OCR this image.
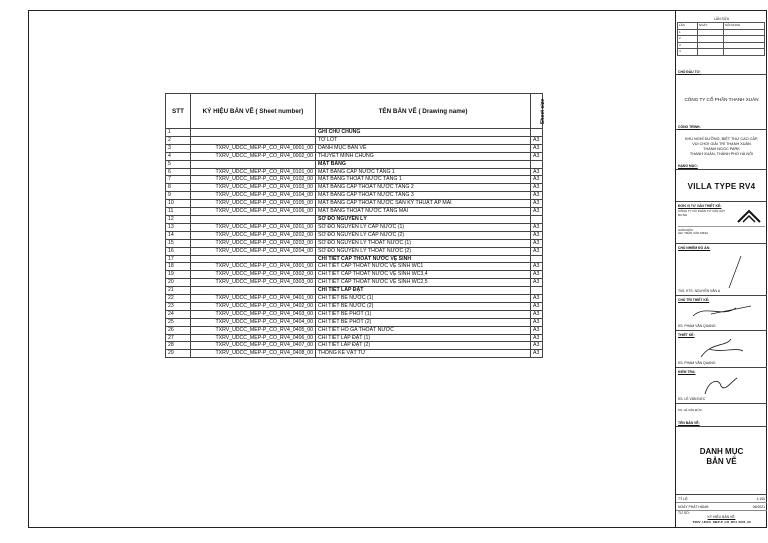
STT	KÝ HIỆU BẢN VẼ ( Sheet number)	TÊN BẢN VẼ ( Drawing name)	Sheet size
1		GHI CHÚ CHUNG	
2		TỜ LÓT	A3
3	TXRV_UDCC_MEP-P_CO_RV4_0001_00	DANH MỤC BẢN VẼ	A3
4	TXRV_UDCC_MEP-P_CO_RV4_0002_00	THUYẾT MINH CHUNG	A3
5		MẶT BẰNG	
6	TXRV_UDCC_MEP-P_CO_RV4_0101_00	MẶT BẰNG CẤP NƯỚC TẦNG 1	A3
7	TXRV_UDCC_MEP-P_CO_RV4_0102_00	MẶT BẰNG THOÁT NƯỚC TẦNG 1	A3
8	TXRV_UDCC_MEP-P_CO_RV4_0103_00	MẶT BẰNG CẤP THOÁT NƯỚC TẦNG 2	A3
9	TXRV_UDCC_MEP-P_CO_RV4_0104_00	MẶT BẰNG CẤP THOÁT NƯỚC TẦNG 3	A3
10	TXRV_UDCC_MEP-P_CO_RV4_0105_00	MẶT BẰNG CẤP THOÁT NƯỚC SÂN KỸ THUẬT ÁP MÁI	A3
11	TXRV_UDCC_MEP-P_CO_RV4_0106_00	MẶT BẰNG THOÁT NƯỚC TẦNG MÁI	A3
12		SƠ ĐỒ NGUYÊN LÝ	
13	TXRV_UDCC_MEP-P_CO_RV4_0201_00	SƠ ĐỒ NGUYÊN LÝ CẤP NƯỚC (1)	A3
14	TXRV_UDCC_MEP-P_CO_RV4_0202_00	SƠ ĐỒ NGUYÊN LÝ CẤP NƯỚC (2)	A3
15	TXRV_UDCC_MEP-P_CO_RV4_0203_00	SƠ ĐỒ NGUYÊN LÝ THOÁT NƯỚC (1)	A3
16	TXRV_UDCC_MEP-P_CO_RV4_0204_00	SƠ ĐỒ NGUYÊN LÝ THOÁT NƯỚC (2)	A3
17		CHI TIẾT CẤP THOÁT NƯỚC VỆ SINH	
18	TXRV_UDCC_MEP-P_CO_RV4_0301_00	CHI TIẾT CẤP THOÁT NƯỚC VỆ SINH WC1	A3
19	TXRV_UDCC_MEP-P_CO_RV4_0302_00	CHI TIẾT CẤP THOÁT NƯỚC VỆ SINH WC3,4	A3
20	TXRV_UDCC_MEP-P_CO_RV4_0303_00	CHI TIẾT CẤP THOÁT NƯỚC VỆ SINH WC2,5	A3
21		CHI TIẾT LẮP ĐẶT	
22	TXRV_UDCC_MEP-P_CO_RV4_0401_00	CHI TIẾT BỂ NƯỚC (1)	A3
23	TXRV_UDCC_MEP-P_CO_RV4_0402_00	CHI TIẾT BỂ NƯỚC (2)	A3
24	TXRV_UDCC_MEP-P_CO_RV4_0403_00	CHI TIẾT BỂ PHỐT (1)	A3
25	TXRV_UDCC_MEP-P_CO_RV4_0404_00	CHI TIẾT BỂ PHỐT (2)	A3
26	TXRV_UDCC_MEP-P_CO_RV4_0405_00	CHI TIẾT HỐ GA THOÁT NƯỚC	A3
27	TXRV_UDCC_MEP-P_CO_RV4_0406_00	CHI TIẾT LẮP ĐẶT (1)	A3
28	TXRV_UDCC_MEP-P_CO_RV4_0407_00	CHI TIẾT LẮP ĐẶT (2)	A3
29	TXRV_UDCC_MEP-P_CO_RV4_0408_00	THỐNG KÊ VẬT TƯ	A3
LẦN SỬA
LẦN	NGÀY	NỘI DUNG
1		
2		
3		
4		
CHỦ ĐẦU TƯ:
CÔNG TY CỔ PHẦN THANH XUÂN
CÔNG TRÌNH:
KHU NGHỈ DƯỠNG, BIỆT THỰ CAO CẤP,
VUI CHƠI GIẢI TRÍ THANH XUÂN
THANH NGỌC PARK
THANH XUÂN, THÀNH PHỐ HÀ NỘI
HẠNG MỤC:
VILLA TYPE RV4
ĐƠN VỊ TƯ VẤN THIẾT KẾ:
CÔNG TY CỔ PHẦN TƯ VẤN XÂY DỰNG
GIÁM ĐỐC:
GĐ: TRẦN VĂN MINH
CHỦ NHIỆM ĐỒ ÁN:
ThS. KTS. NGUYỄN VĂN A
CHỦ TRÌ THIẾT KẾ:
KS. PHẠM VĂN QUANG
THIẾT KẾ:
KS. PHẠM VĂN QUANG
KIỂM TRA:
KS. LÊ VĂN ĐỨC
KS. LÊ VĂN ĐỨC
TÊN BẢN VẼ:
DANH MỤC
BẢN VẼ
TỶ LỆ:	1:100
NGÀY PHÁT HÀNH:	06/2021
TỪ SỐ:
KÝ HIỆU BẢN VẼ:
TXRV_UDCC_MEP-P_CO_RV4_0001_00
